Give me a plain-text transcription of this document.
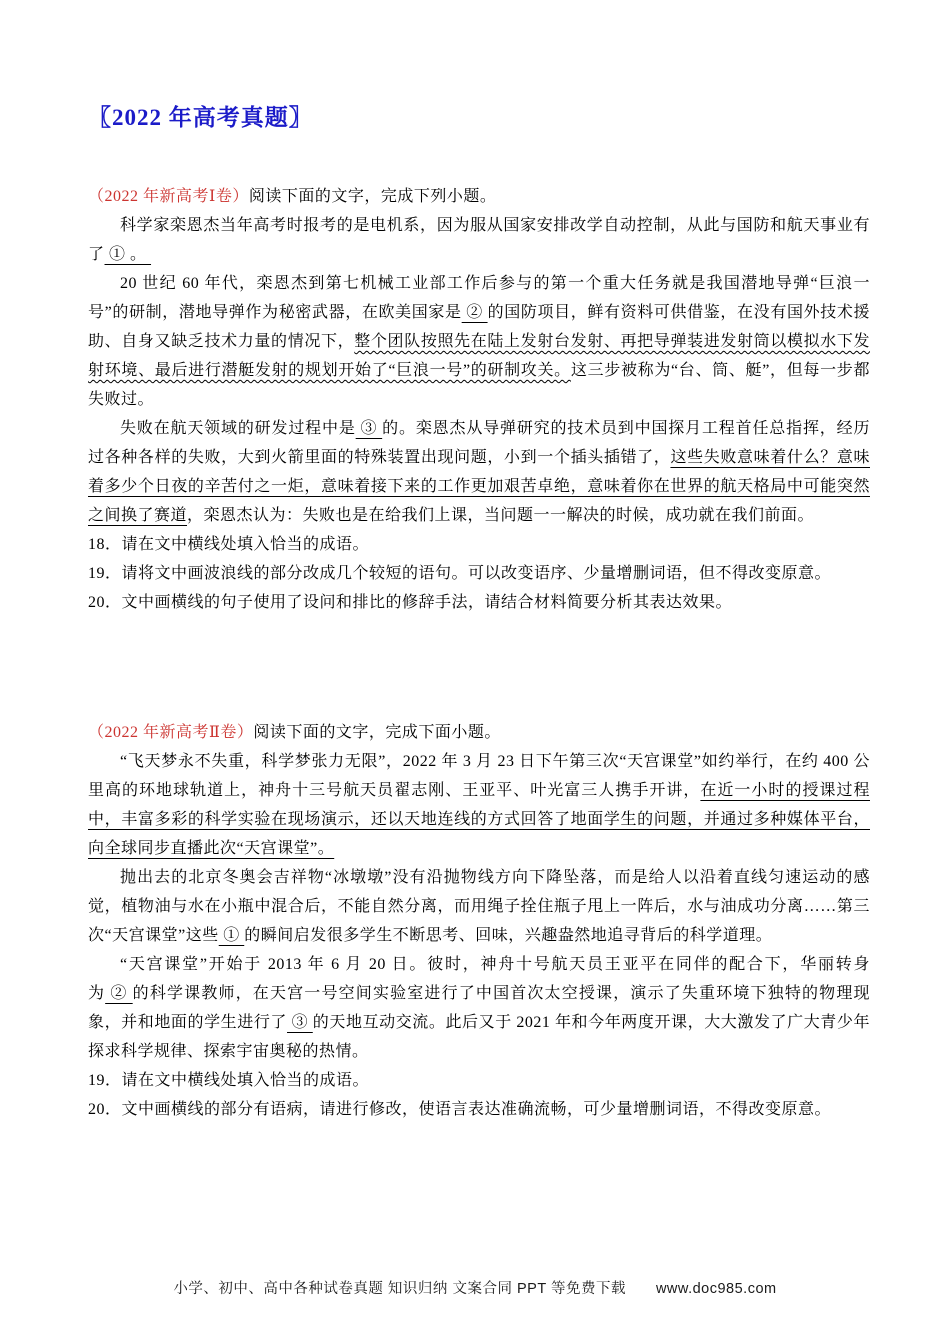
〖2022 年高考真题〗

（2022 年新高考Ⅰ卷）阅读下面的文字，完成下列小题。

科学家栾恩杰当年高考时报考的是电机系，因为服从国家安排改学自动控制，从此与国防和航天事业有了 ① 。

20 世纪 60 年代，栾恩杰到第七机械工业部工作后参与的第一个重大任务就是我国潜地导弹“巨浪一号”的研制，潜地导弹作为秘密武器，在欧美国家是 ② 的国防项目，鲜有资料可供借鉴，在没有国外技术援助、自身又缺乏技术力量的情况下，整个团队按照先在陆上发射台发射、再把导弹装进发射筒以模拟水下发射环境、最后进行潜艇发射的规划开始了“巨浪一号”的研制攻关。这三步被称为“台、筒、艇”，但每一步都失败过。

失败在航天领域的研发过程中是 ③ 的。栾恩杰从导弹研究的技术员到中国探月工程首任总指挥，经历过各种各样的失败，大到火箭里面的特殊装置出现问题，小到一个插头插错了，这些失败意味着什么？意味着多少个日夜的辛苦付之一炬，意味着接下来的工作更加艰苦卓绝，意味着你在世界的航天格局中可能突然之间换了赛道，栾恩杰认为：失败也是在给我们上课，当问题一一解决的时候，成功就在我们前面。

18．请在文中横线处填入恰当的成语。

19．请将文中画波浪线的部分改成几个较短的语句。可以改变语序、少量增删词语，但不得改变原意。

20．文中画横线的句子使用了设问和排比的修辞手法，请结合材料简要分析其表达效果。

（2022 年新高考Ⅱ卷）阅读下面的文字，完成下面小题。

“飞天梦永不失重，科学梦张力无限”，2022 年 3 月 23 日下午第三次“天宫课堂”如约举行，在约 400 公里高的环地球轨道上，神舟十三号航天员翟志刚、王亚平、叶光富三人携手开讲，在近一小时的授课过程中，丰富多彩的科学实验在现场演示，还以天地连线的方式回答了地面学生的问题，并通过多种媒体平台，向全球同步直播此次“天宫课堂”。

抛出去的北京冬奥会吉祥物“冰墩墩”没有沿抛物线方向下降坠落，而是给人以沿着直线匀速运动的感觉，植物油与水在小瓶中混合后，不能自然分离，而用绳子拴住瓶子甩上一阵后，水与油成功分离……第三次“天宫课堂”这些 ① 的瞬间启发很多学生不断思考、回味，兴趣盎然地追寻背后的科学道理。

“天宫课堂”开始于 2013 年 6 月 20 日。彼时，神舟十号航天员王亚平在同伴的配合下，华丽转身为 ② 的科学课教师，在天宫一号空间实验室进行了中国首次太空授课，演示了失重环境下独特的物理现象，并和地面的学生进行了 ③ 的天地互动交流。此后又于 2021 年和今年两度开课，大大激发了广大青少年探求科学规律、探索宇宙奥秘的热情。

19．请在文中横线处填入恰当的成语。

20．文中画横线的部分有语病，请进行修改，使语言表达准确流畅，可少量增删词语，不得改变原意。

小学、初中、高中各种试卷真题 知识归纳 文案合同 PPT 等免费下载 www.doc985.com
